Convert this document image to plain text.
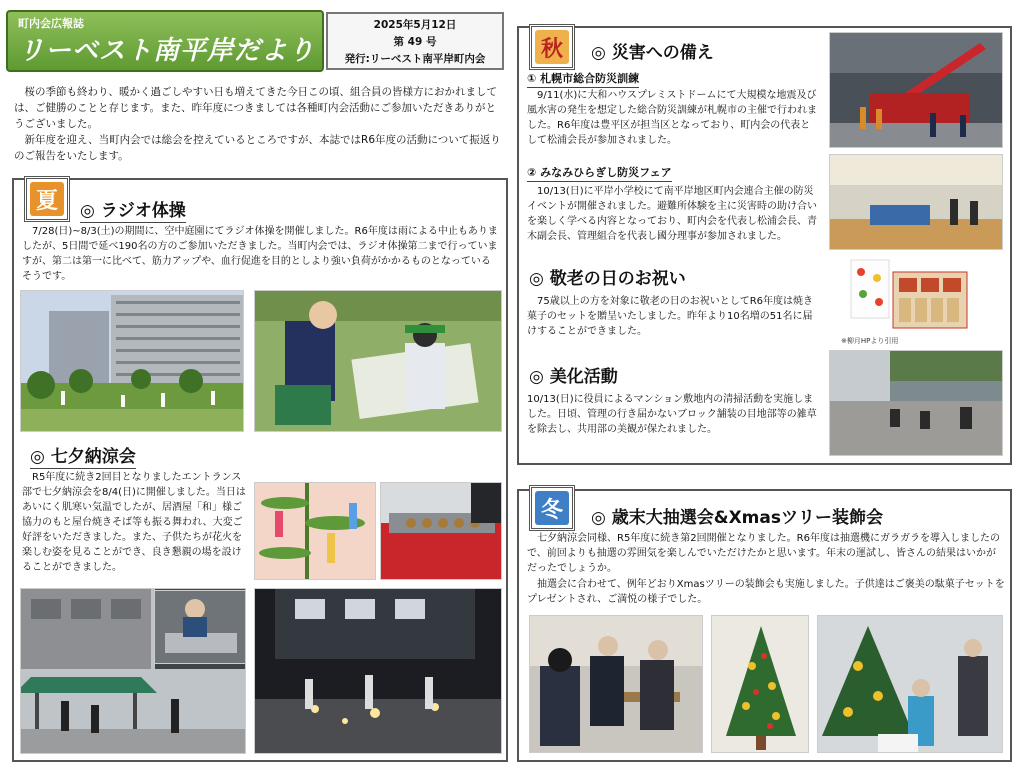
町内会広報誌
リーベスト南平岸だより
2025年5月12日
第 49 号
発行:リーベスト南平岸町内会

桜の季節も終わり、暖かく過ごしやすい日も増えてきた今日この頃、組合員の皆様方におかれましては、ご健勝のことと存じます。また、昨年度につきましては各種町内会活動にご参加いただきありがとうございました。

新年度を迎え、当町内会では総会を控えているところですが、本誌ではR6年度の活動について振返りのご報告をいたします。

夏	◎ ラジオ体操
7/28(日)~8/3(土)の期間に、空中庭園にてラジオ体操を開催しました。R6年度は雨による中止もありましたが、5日間で延べ190名の方のご参加いただきました。当町内会では、ラジオ体操第二まで行っていますが、第二は第一に比べて、筋力アップや、血行促進を目的としより強い負荷がかかるものとなっているそうです。
◎ 七夕納涼会
R5年度に続き2回目となりましたエントランス部で七夕納涼会を8/4(日)に開催しました。当日はあいにく肌寒い気温でしたが、居酒屋「和」様ご協力のもと屋台焼きそば等も振る舞われ、大変ご好評をいただきました。また、子供たちが花火を楽しむ姿を見ることができ、良き懇親の場を設けることができました。
秋	◎ 災害への備え
① 札幌市総合防災訓練
9/11(水)に大和ハウスプレミストドームにて大規模な地震及び風水害の発生を想定した総合防災訓練が札幌市の主催で行われました。R6年度は豊平区が担当区となっており、町内会の代表として松浦会長が参加されました。
② みなみひらぎし防災フェア
10/13(日)に平岸小学校にて南平岸地区町内会連合主催の防災イベントが開催されました。避難所体験を主に災害時の助け合いを楽しく学べる内容となっており、町内会を代表し松浦会長、青木副会長、管理組合を代表し國分理事が参加されました。
◎ 敬老の日のお祝い
75歳以上の方を対象に敬老の日のお祝いとしてR6年度は焼き菓子のセットを贈呈いたしました。昨年より10名増の51名に届けすることができました。
※柳月HPより引用
◎ 美化活動
10/13(日)に役員によるマンション敷地内の清掃活動を実施しました。日頃、管理の行き届かないブロック舗装の目地部等の雑草を除去し、共用部の美観が保たれました。
冬	◎ 歳末大抽選会&Xmasツリー装飾会
七夕納涼会同様、R5年度に続き第2回開催となりました。R6年度は抽選機にガラガラを導入しましたので、前回よりも抽選の雰囲気を楽しんでいただけたかと思います。年末の運試し、皆さんの結果はいかがだったでしょうか。
抽選会に合わせて、例年どおりXmasツリーの装飾会も実施しました。子供達はご褒美の駄菓子セットをプレゼントされ、ご満悦の様子でした。
